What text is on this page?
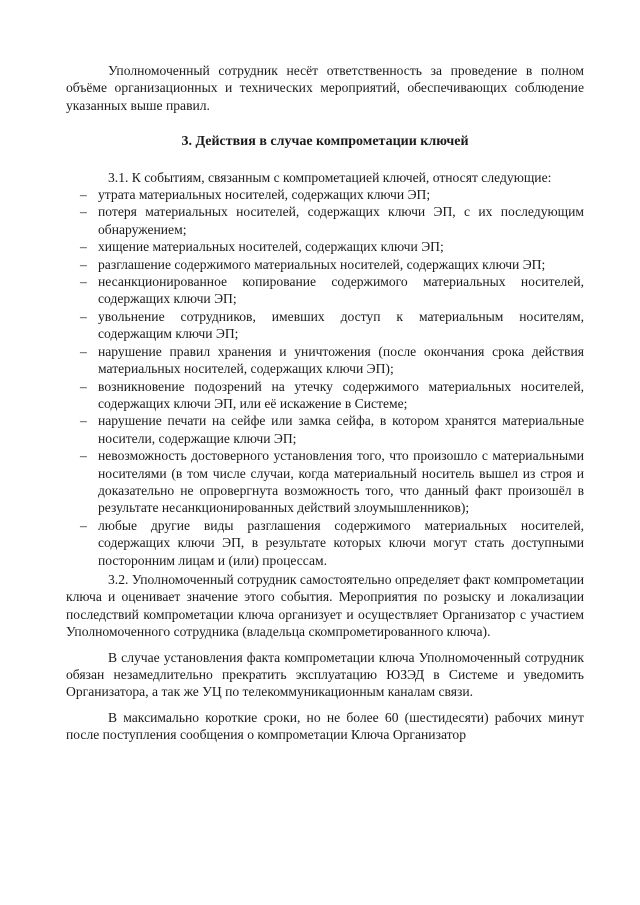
Уполномоченный сотрудник несёт ответственность за проведение в полном объёме организационных и технических мероприятий, обеспечивающих соблюдение указанных выше правил.

3. Действия в случае компрометации ключей

3.1. К событиям, связанным с компрометацией ключей, относят следующие:

– утрата материальных носителей, содержащих ключи ЭП;
– потеря материальных носителей, содержащих ключи ЭП, с их последующим обнаружением;
– хищение материальных носителей, содержащих ключи ЭП;
– разглашение содержимого материальных носителей, содержащих ключи ЭП;
– несанкционированное копирование содержимого материальных носителей, содержащих ключи ЭП;
– увольнение сотрудников, имевших доступ к материальным носителям, содержащим ключи ЭП;
– нарушение правил хранения и уничтожения (после окончания срока действия материальных носителей, содержащих ключи ЭП);
– возникновение подозрений на утечку содержимого материальных носителей, содержащих ключи ЭП, или её искажение в Системе;
– нарушение печати на сейфе или замка сейфа, в котором хранятся материальные носители, содержащие ключи ЭП;
– невозможность достоверного установления того, что произошло с материальными носителями (в том числе случаи, когда материальный носитель вышел из строя и доказательно не опровергнута возможность того, что данный факт произошёл в результате несанкционированных действий злоумышленников);
– любые другие виды разглашения содержимого материальных носителей, содержащих ключи ЭП, в результате которых ключи могут стать доступными посторонним лицам и (или) процессам.

3.2. Уполномоченный сотрудник самостоятельно определяет факт компрометации ключа и оценивает значение этого события. Мероприятия по розыску и локализации последствий компрометации ключа организует и осуществляет Организатор с участием Уполномоченного сотрудника (владельца скомпрометированного ключа).

В случае установления факта компрометации ключа Уполномоченный сотрудник обязан незамедлительно прекратить эксплуатацию ЮЗЭД в Системе и уведомить Организатора, а так же УЦ по телекоммуникационным каналам связи.

В максимально короткие сроки, но не более 60 (шестидесяти) рабочих минут после поступления сообщения о компрометации Ключа Организатор
